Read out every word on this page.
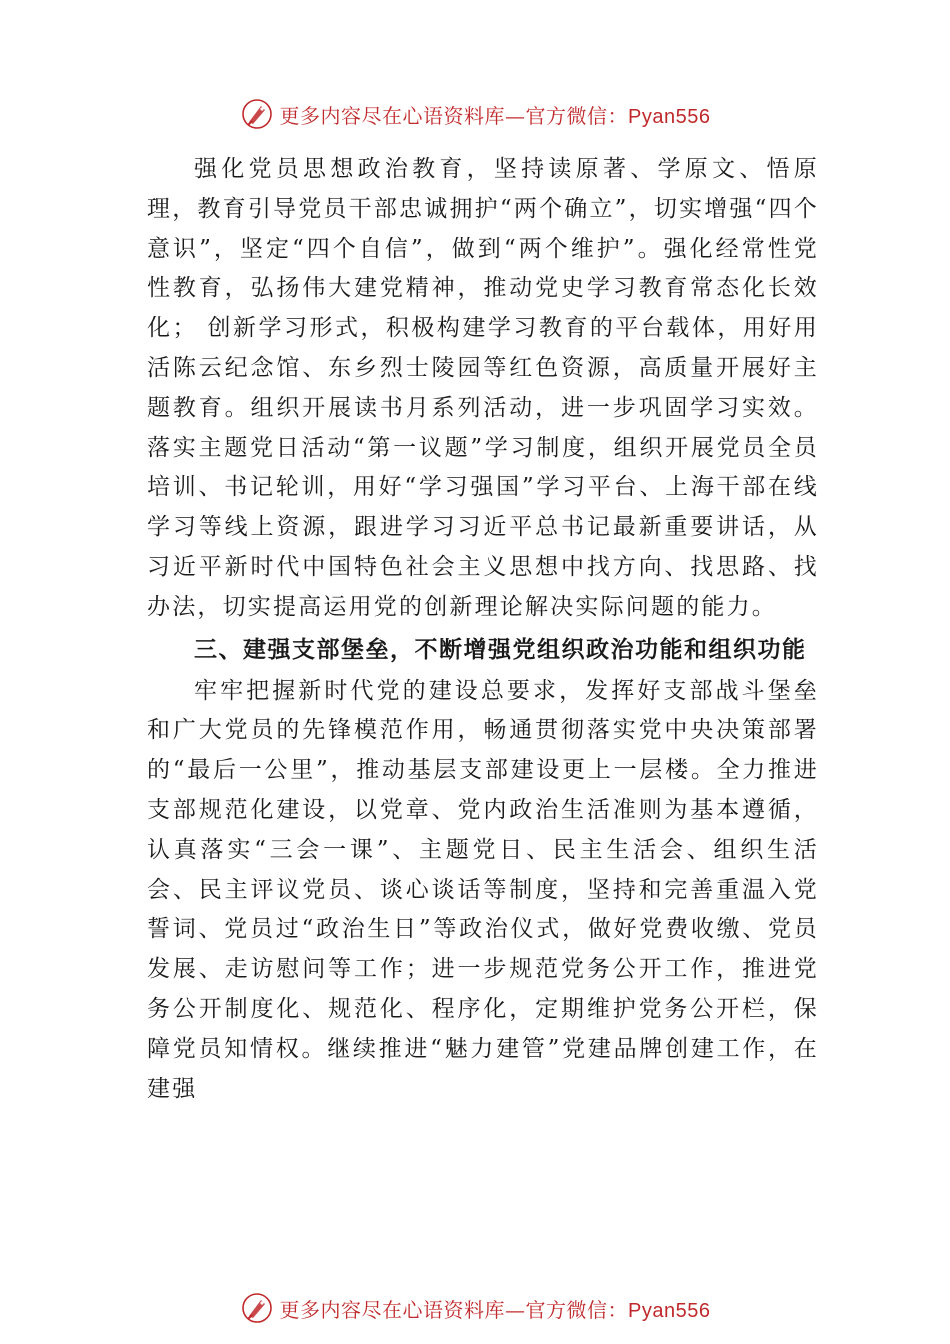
更多内容尽在心语资料库—官方微信：Pyan556

强化党员思想政治教育，坚持读原著、学原文、悟原理，教育引导党员干部忠诚拥护“两个确立”，切实增强“四个意识”，坚定“四个自信”，做到“两个维护”。强化经常性党性教育，弘扬伟大建党精神，推动党史学习教育常态化长效化； 创新学习形式，积极构建学习教育的平台载体，用好用活陈云纪念馆、东乡烈士陵园等红色资源，高质量开展好主题教育。组织开展读书月系列活动，进一步巩固学习实效。落实主题党日活动“第一议题”学习制度，组织开展党员全员培训、书记轮训，用好“学习强国”学习平台、上海干部在线学习等线上资源，跟进学习习近平总书记最新重要讲话，从习近平新时代中国特色社会主义思想中找方向、找思路、找办法，切实提高运用党的创新理论解决实际问题的能力。

三、建强支部堡垒，不断增强党组织政治功能和组织功能

牢牢把握新时代党的建设总要求，发挥好支部战斗堡垒和广大党员的先锋模范作用，畅通贯彻落实党中央决策部署的“最后一公里”，推动基层支部建设更上一层楼。全力推进支部规范化建设，以党章、党内政治生活准则为基本遵循， 认真落实“三会一课”、主题党日、民主生活会、组织生活会、民主评议党员、谈心谈话等制度，坚持和完善重温入党誓词、党员过“政治生日”等政治仪式，做好党费收缴、党员发展、走访慰问等工作；进一步规范党务公开工作，推进党务公开制度化、规范化、程序化，定期维护党务公开栏，保障党员知情权。继续推进“魅力建管”党建品牌创建工作，在建强

更多内容尽在心语资料库—官方微信：Pyan556
